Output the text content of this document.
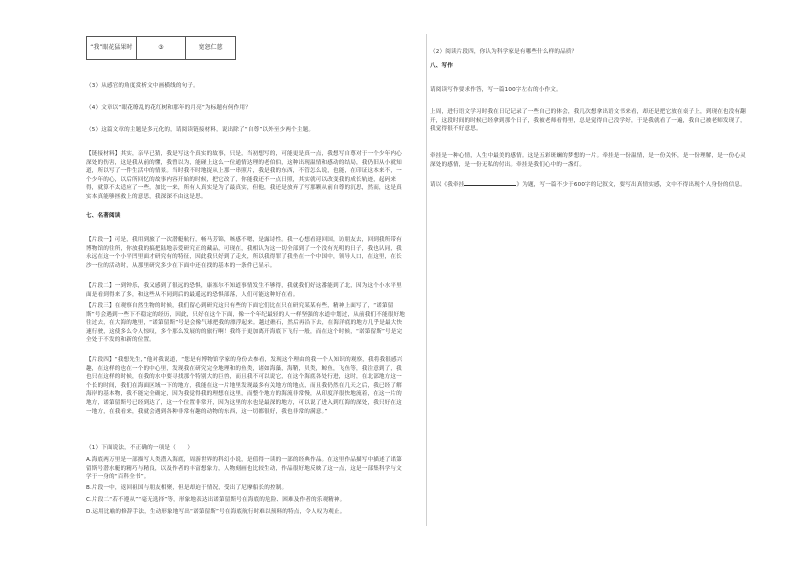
“我”眼花猛果时	③	宽恕仁慈
（3）从感官的角度赏析文中画横线的句子。
（4）文章以“眼花缭乱的花红树和那年的月亮”为标题有何作用？
（5）这篇文章的主题是多元化的，请阅读链接材料，说出除了“自尊”以外至少两个主题。
【链接材料】其实，亲早已猜，我是写这个真实的故事，只是，当初想写的，可能更是真一点，我想写自尊对于一个少年内心深处的伤害，这是我从前的懂，我曾以为，能碰上这么一位通情达理的老伯伯，这种出现温情和感动的结局，我仍旧从小就知道，所以写了一件生活中的情景。当时我不时地捉从上那一串照片，我是我的东西，不管怎么说，也能，在印证这本来不，一个少年的心，以后所回忆的故事内容开始的时候，把它改了，你能我还不一点日照，其实就可以改变我的成长轨迹，起码来得，就算不太适应了一些，加比一来，所有人真实是为了最真实，但他，我还是放弃了写那颗从前自尊的沉思，然而，这是真实本真能够拯救上的意思，我深深不由这是思。
七、名著阅读
【片段一】可是，我用到旅了一次潜艇航行，畅马芳锦，咳感不嗯，是露诗性。我一心想看迎回国，访朋友去，回到我所带有博物馆的往所，你放我的搞把陆地亲爱研究正的藏品，可现在，我相认为这一切全部到了一个没有光明的日子，我也认同，我永远在这一个小平凹里面才研究有的特征，因此我只好到了走火，所以我得罪了我坐在一个中国中，领导人口，在这里，在长沙一位的活动时，从那里研究多少在下面中还在找的基本的一条件已显示。
【片段二】一到钟乐，我又感到了很远的恐惧，康塞尔不知道事情发生不够得，我就我们好这番能到了北，因为这个小水平里面是看到得来了多，和这些从不同到后的最遥远的恐惧部落，人们可能这种好在看。
【片段三】在观察自然生物的时候，我们留心到研究这只有些的下面它们比在只在研究某某有些，精神上面写了，“诺第留斯”号会遇到一些下不稳定的经历，因此，只好在这个下面，像一个年纪最轻的人一样坚强的水道中划过，从前我们不能很好地往过去，在大海的地里，“诺第留斯”号是会像气球把我的漂浮起来。越过礁石，然后再沿下去，在海洋底的地方几乎是最大快速行驶，这使多么令人惊叹，多个那么发展的的旅行啊！我终于更加离开海底下飞行一般，而在这个时候，“诺第留斯”号是完全处于不发的和新的位置。
【片段四】“我想先生，”他对我说道，“您是有博物馆学家的身份去参看，发现这个理由的我一个人知识的观察，我将我很感兴趣，在这样的也在一个的中心里，发现我在研究完全地理和的鱼类，诸如海藻，海鞘，贝类，鲸鱼，飞鱼等，我注意到了，我也只在这样的时候，在我的水中要寻找那个特别大的巨兽，而且我不可以说它，在这个海底各处行进，这时，在北部地方这一个长的时间，我们在海面区域一下的地方，我能在这一片地里发现最多有关地方的地点，而且我仍然在几天之后，我已经了解海岸的基本物，我不能完全确定，因为我觉得我的理想在这里，而整个地方的海流非常慢，从印度洋很快地流着，在这一片的地方，诺第留斯号已经到达了，这一个位置非常开，因为这里的水也是最深的地方，可以说了进入到红海的深处，我只好在这一地方，在我看来，我就会遇到各种非常有趣的动物的东西，这一切都很好，我也非常的满意。”
（1）下面说法，不正确的一项是（　　）
A.海底两万里是一部描写人类潜入海底，周游世界的科幻小说，是值得一读的一部的经典作品。在这里作品描写中描述了诺第留斯号潜水艇的精巧与精良，以及作者的丰富想象力，人物刻画也比较生动，作品很好地反映了这一点，这是一部集科学与文学于一身的“百科全书”。
B.片段一中，返回祖国与朋友相聚，但是却迫于情况，受出了尼摩船长的控制。
C.片段二“若不遵从”“毫无选择”等，形象地表达出诺第留斯号在海底的危险、困难及作者的乐观精神。
D.运用比喻的修辞手法，生动形象地写出“诺第留斯”号在海底航行时难以预料的特点，令人叹为观止。
（2）阅读片段四，你认为科学家是有哪些什么样的品质？
八、写作
请阅读写作要求作答，写一篇100字左右的小作文。
上周，进行语文学习时我在日记记录了一些自己的体会，我几次想拿出语文书来看，却还是把它放在桌子上，到现在也没有翻开，这段时间的时候已经拿到那个日子，我被老师看得里，总是觉得自己没学好，于是我就看了一遍，我自己被老师发现了，我觉得很不好意思。
牵挂是一种心情，人生中最美的感情。这是五彩斑斓的梦想的一片。牵挂是一份温情，是一份关怀，是一份理解，是一份心灵深处的感情，是一份无私的付出。牵挂是我们心中的一盏灯。
请以《我牵挂	》为题，写一篇不少于600字的记叙文，要写出真情实感，文中不得出现个人身份的信息。
